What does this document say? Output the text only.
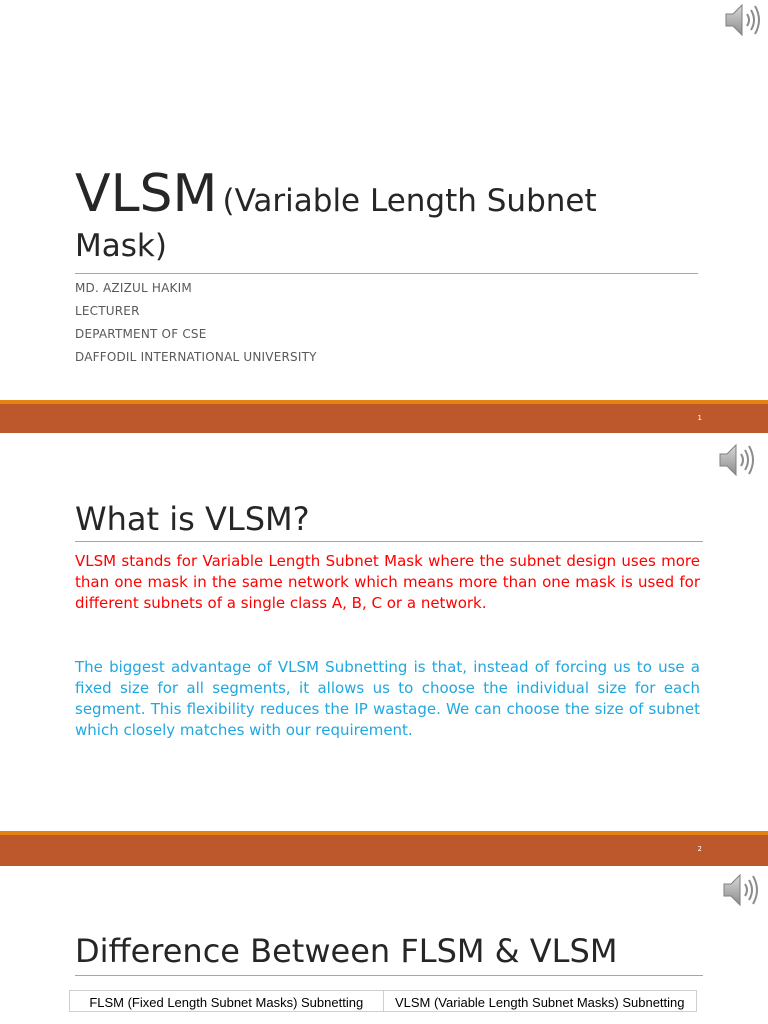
VLSM (Variable Length Subnet
Mask)
MD. AZIZUL HAKIM
LECTURER
DEPARTMENT OF CSE
DAFFODIL INTERNATIONAL UNIVERSITY
1
What is VLSM?
VLSM stands for Variable Length Subnet Mask where the subnet design uses more than one mask in the same network which means more than one mask is used for different subnets of a single class A, B, C or a network.
The biggest advantage of VLSM Subnetting is that, instead of forcing us to use a fixed size for all segments, it allows us to choose the individual size for each segment. This flexibility reduces the IP wastage. We can choose the size of subnet which closely matches with our requirement.
2
Difference Between FLSM & VLSM
FLSM (Fixed Length Subnet Masks) Subnetting	VLSM (Variable Length Subnet Masks) Subnetting
